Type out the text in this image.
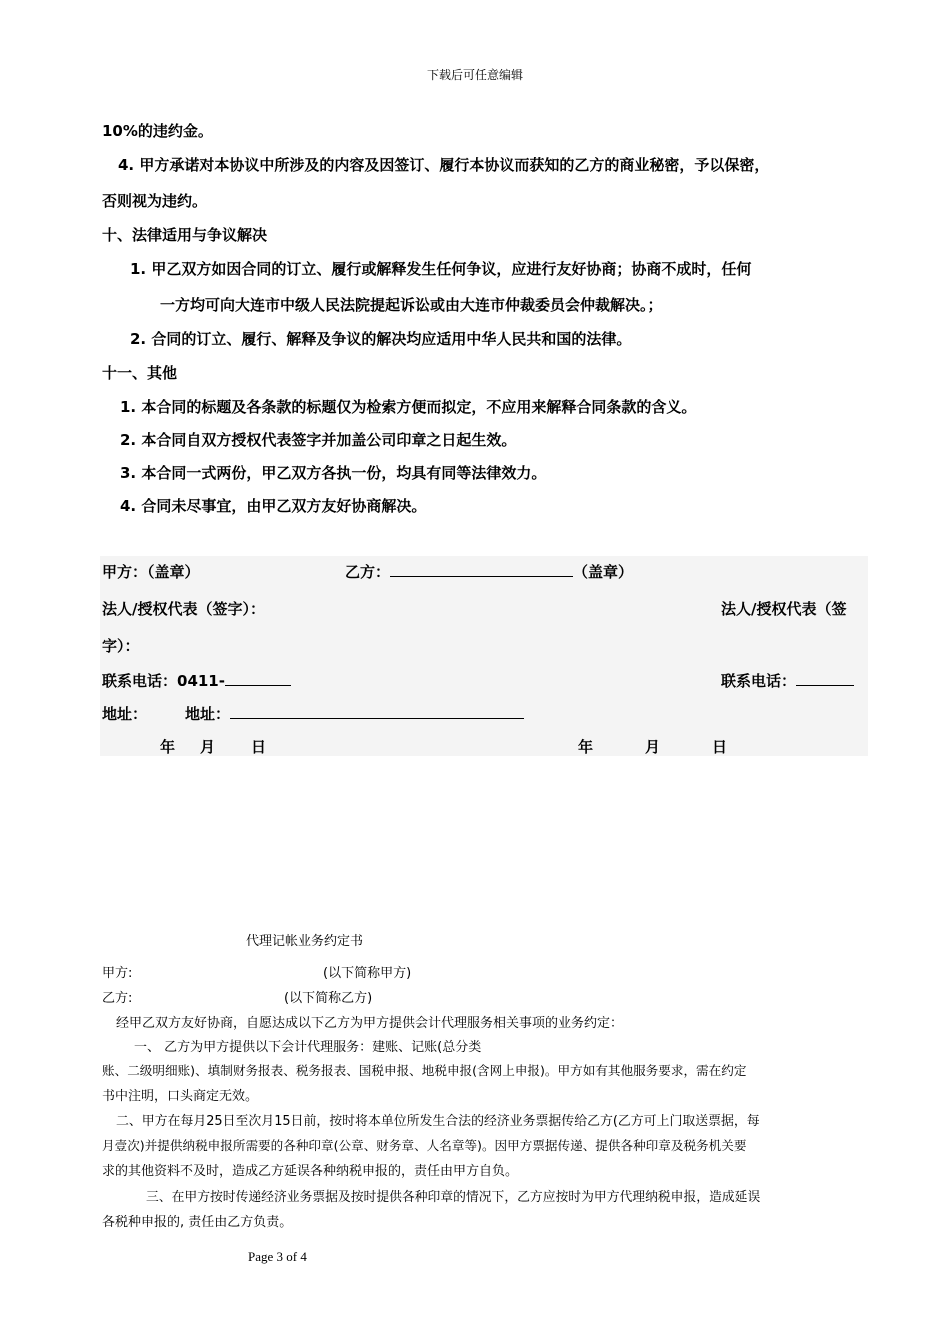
下载后可任意编辑
10%的违约金。
4. 甲方承诺对本协议中所涉及的内容及因签订、履行本协议而获知的乙方的商业秘密，予以保密，
否则视为违约。
十、法律适用与争议解决
1. 甲乙双方如因合同的订立、履行或解释发生任何争议，应进行友好协商；协商不成时，任何
一方均可向大连市中级人民法院提起诉讼或由大连市仲裁委员会仲裁解决。；
2. 合同的订立、履行、解释及争议的解决均应适用中华人民共和国的法律。
十一、其他
1. 本合同的标题及各条款的标题仅为检索方便而拟定，不应用来解释合同条款的含义。
2. 本合同自双方授权代表签字并加盖公司印章之日起生效。
3. 本合同一式两份，甲乙双方各执一份，均具有同等法律效力。
4. 合同未尽事宜，由甲乙双方友好协商解决。
甲方：（盖章）	乙方：	（盖章）
法人/授权代表（签字）：	法人/授权代表（签
字）：
联系电话：0411-	联系电话：
地址：	地址：
年 月 日	年	月	日
代理记帐业务约定书
甲方:	(以下简称甲方)
乙方:	(以下简称乙方)
经甲乙双方友好协商，自愿达成以下乙方为甲方提供会计代理服务相关事项的业务约定：
一、 乙方为甲方提供以下会计代理服务：建账、记账(总分类
账、二级明细账)、填制财务报表、税务报表、国税申报、地税申报(含网上申报)。甲方如有其他服务要求，需在约定
书中注明，口头商定无效。
二、甲方在每月25日至次月15日前，按时将本单位所发生合法的经济业务票据传给乙方(乙方可上门取送票据，每
月壹次)并提供纳税申报所需要的各种印章(公章、财务章、人名章等)。因甲方票据传递、提供各种印章及税务机关要
求的其他资料不及时，造成乙方延误各种纳税申报的，责任由甲方自负。
三、在甲方按时传递经济业务票据及按时提供各种印章的情况下，乙方应按时为甲方代理纳税申报，造成延误
各税种申报的, 责任由乙方负责。
Page 3 of 4
